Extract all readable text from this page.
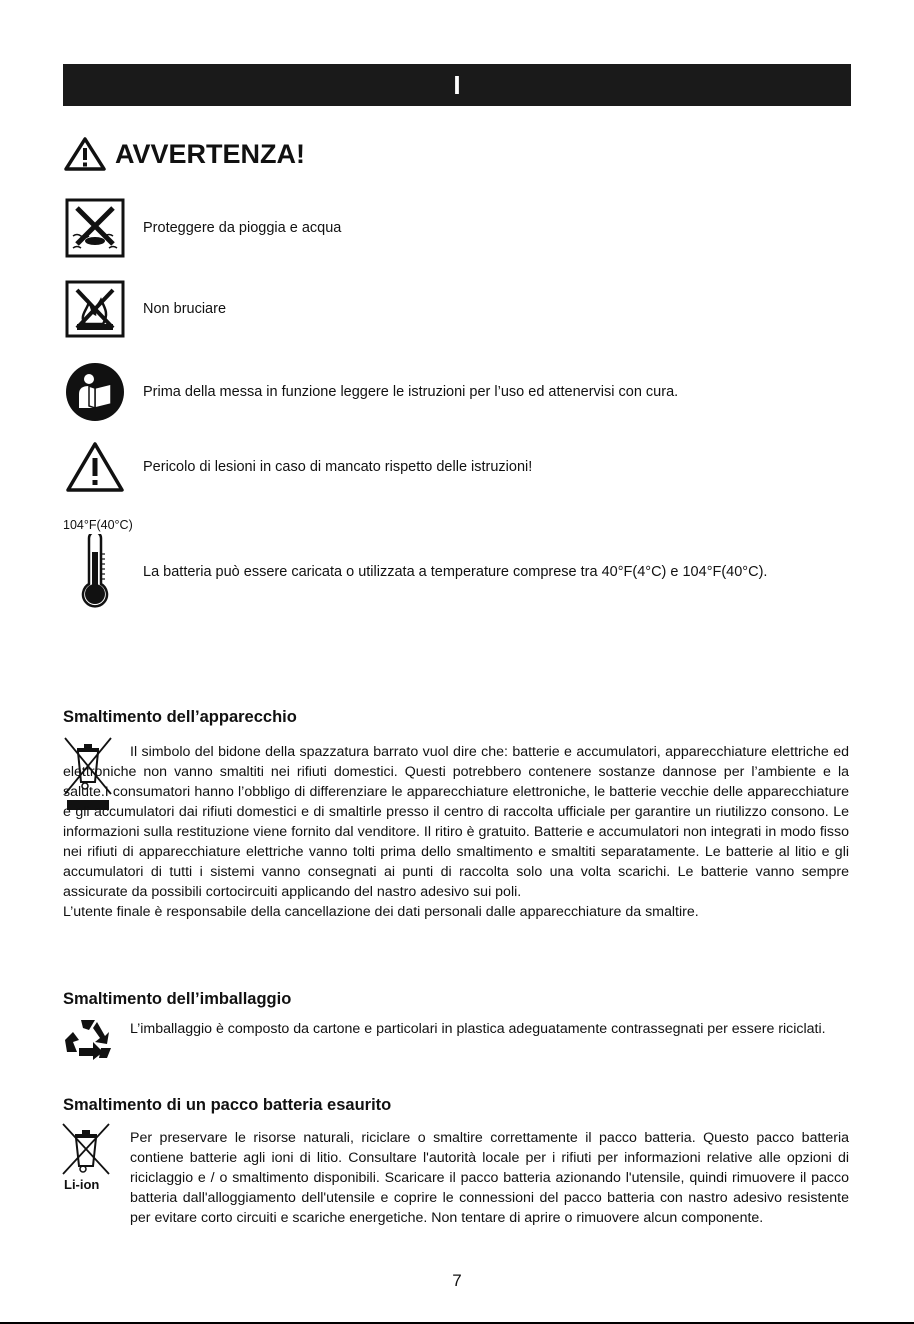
I
AVVERTENZA!
Proteggere da pioggia e acqua
Non bruciare
Prima della messa in funzione leggere le istruzioni per l’uso ed attenervisi con cura.
Pericolo di lesioni in caso di mancato rispetto delle istruzioni!
104°F(40°C)
La batteria può essere caricata o utilizzata a temperature comprese tra 40°F(4°C) e 104°F(40°C).
Smaltimento dell’apparecchio

Il simbolo del bidone della spazzatura barrato vuol dire che: batterie e accumulatori, apparecchiature elettriche ed elettroniche non vanno smaltiti nei rifiuti domestici. Questi potrebbero contenere sostanze dannose per l’ambiente e la salute.I consumatori hanno l’obbligo di differenziare le apparecchiature elettroniche, le batterie vecchie delle apparecchiature e gli accumulatori dai rifiuti domestici e di smaltirle presso il centro di raccolta ufficiale per garantire un riutilizzo consono. Le informazioni sulla restituzione viene fornito dal venditore. Il ritiro è gratuito. Batterie e accumulatori non integrati in modo fisso nei rifiuti di apparecchiature elettriche vanno tolti prima dello smaltimento e smaltiti separatamente. Le batterie al litio e gli accumulatori di tutti i sistemi vanno consegnati ai punti di raccolta solo una volta scarichi. Le batterie vanno sempre assicurate da possibili cortocircuiti applicando del nastro adesivo sui poli.

L’utente finale è responsabile della cancellazione dei dati personali dalle apparecchiature da smaltire.

Smaltimento dell’imballaggio

L’imballaggio è composto da cartone e particolari in plastica adeguatamente contrassegnati per essere riciclati.

Smaltimento di un pacco batteria esaurito
Li-ion

Per preservare le risorse naturali, riciclare o smaltire correttamente il pacco batteria. Questo pacco batteria contiene batterie agli ioni di litio. Consultare l'autorità locale per i rifiuti per informazioni relative alle opzioni di riciclaggio e / o smaltimento disponibili. Scaricare il pacco batteria azionando l'utensile, quindi rimuovere il pacco batteria dall'alloggiamento dell'utensile e coprire le connessioni del pacco batteria con nastro adesivo resistente per evitare corto circuiti e scariche energetiche. Non tentare di aprire o rimuovere alcun componente.

7
